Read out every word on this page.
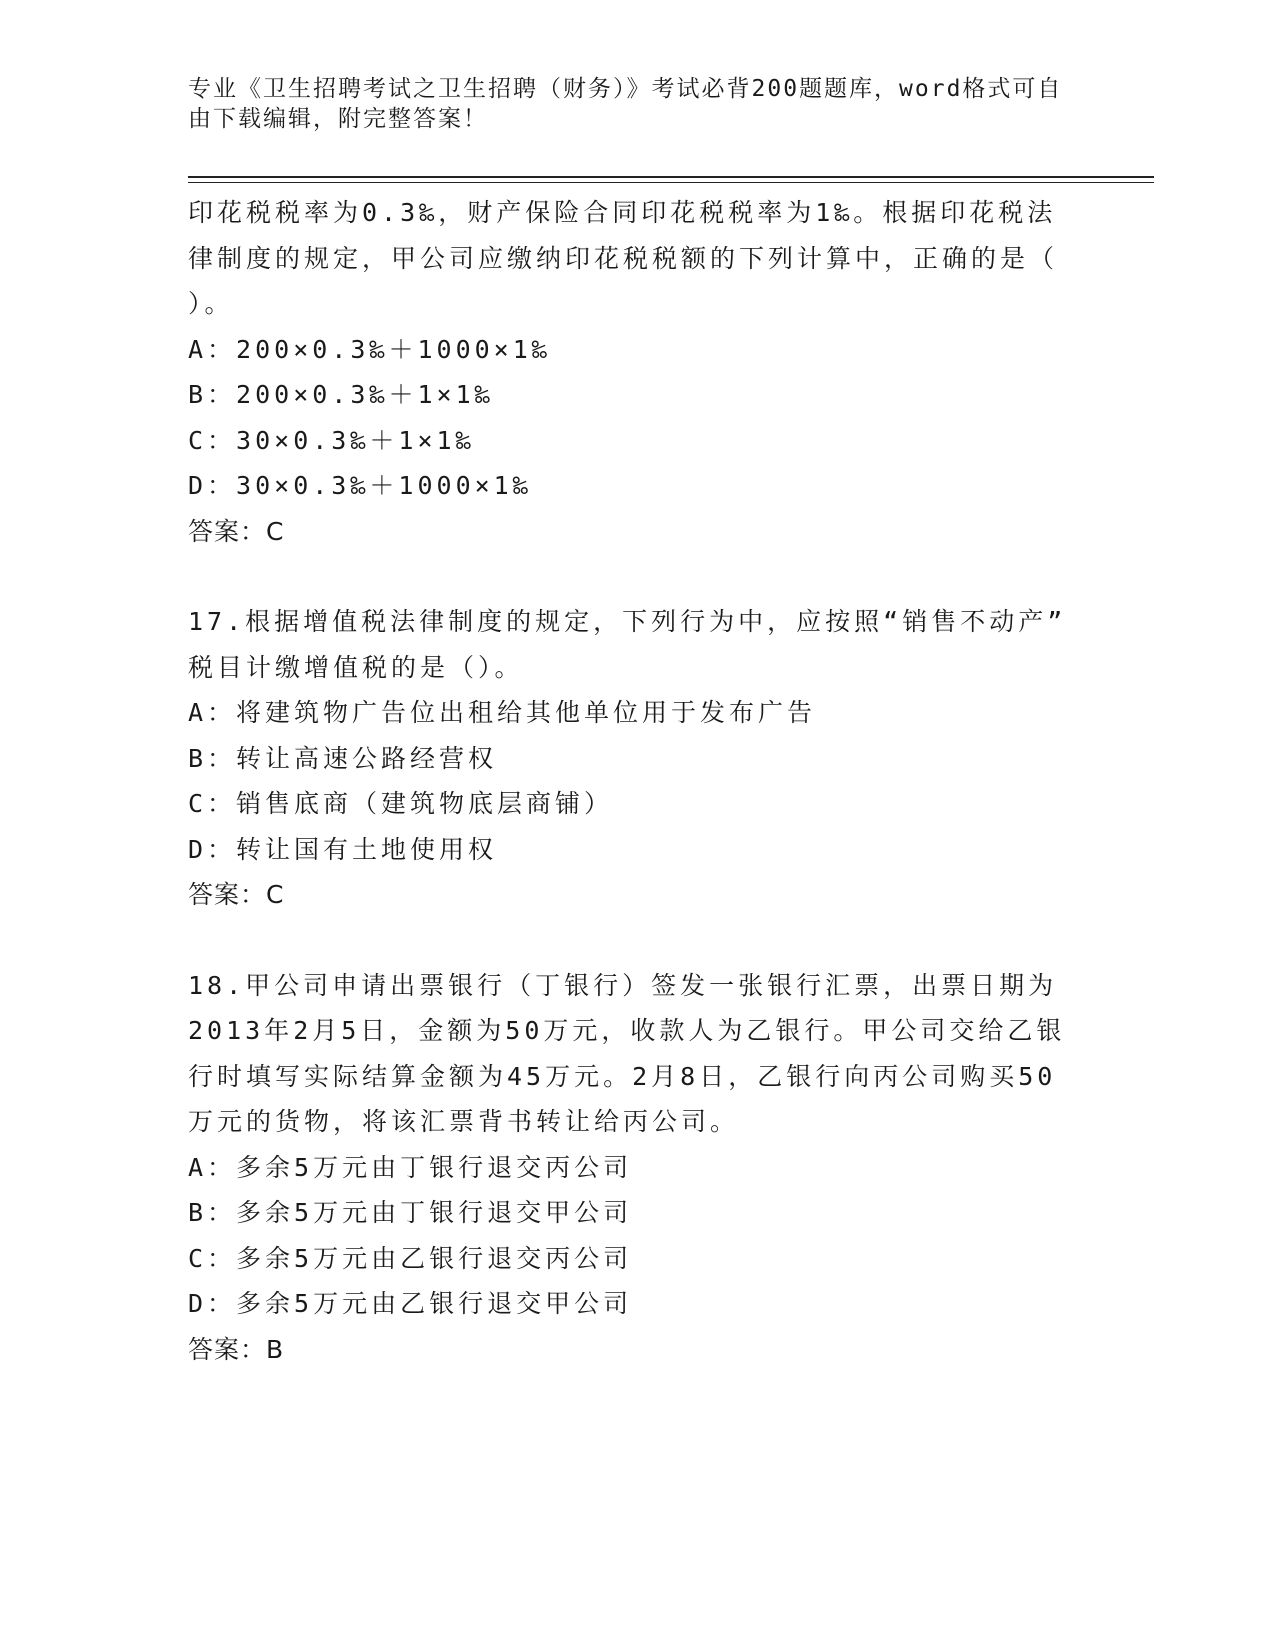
专业《卫生招聘考试之卫生招聘（财务）》考试必背200题题库，word格式可自
由下载编辑，附完整答案！
印花税税率为0.3‰，财产保险合同印花税税率为1‰。根据印花税法
律制度的规定，甲公司应缴纳印花税税额的下列计算中，正确的是（
）。
A：200×0.3‰＋1000×1‰
B：200×0.3‰＋1×1‰
C：30×0.3‰＋1×1‰
D：30×0.3‰＋1000×1‰
答案：C
17.根据增值税法律制度的规定，下列行为中，应按照“销售不动产”
税目计缴增值税的是（）。
A：将建筑物广告位出租给其他单位用于发布广告
B：转让高速公路经营权
C：销售底商（建筑物底层商铺）
D：转让国有土地使用权
答案：C
18.甲公司申请出票银行（丁银行）签发一张银行汇票，出票日期为
2013年2月5日，金额为50万元，收款人为乙银行。甲公司交给乙银
行时填写实际结算金额为45万元。2月8日，乙银行向丙公司购买50
万元的货物，将该汇票背书转让给丙公司。
A：多余5万元由丁银行退交丙公司
B：多余5万元由丁银行退交甲公司
C：多余5万元由乙银行退交丙公司
D：多余5万元由乙银行退交甲公司
答案：B
